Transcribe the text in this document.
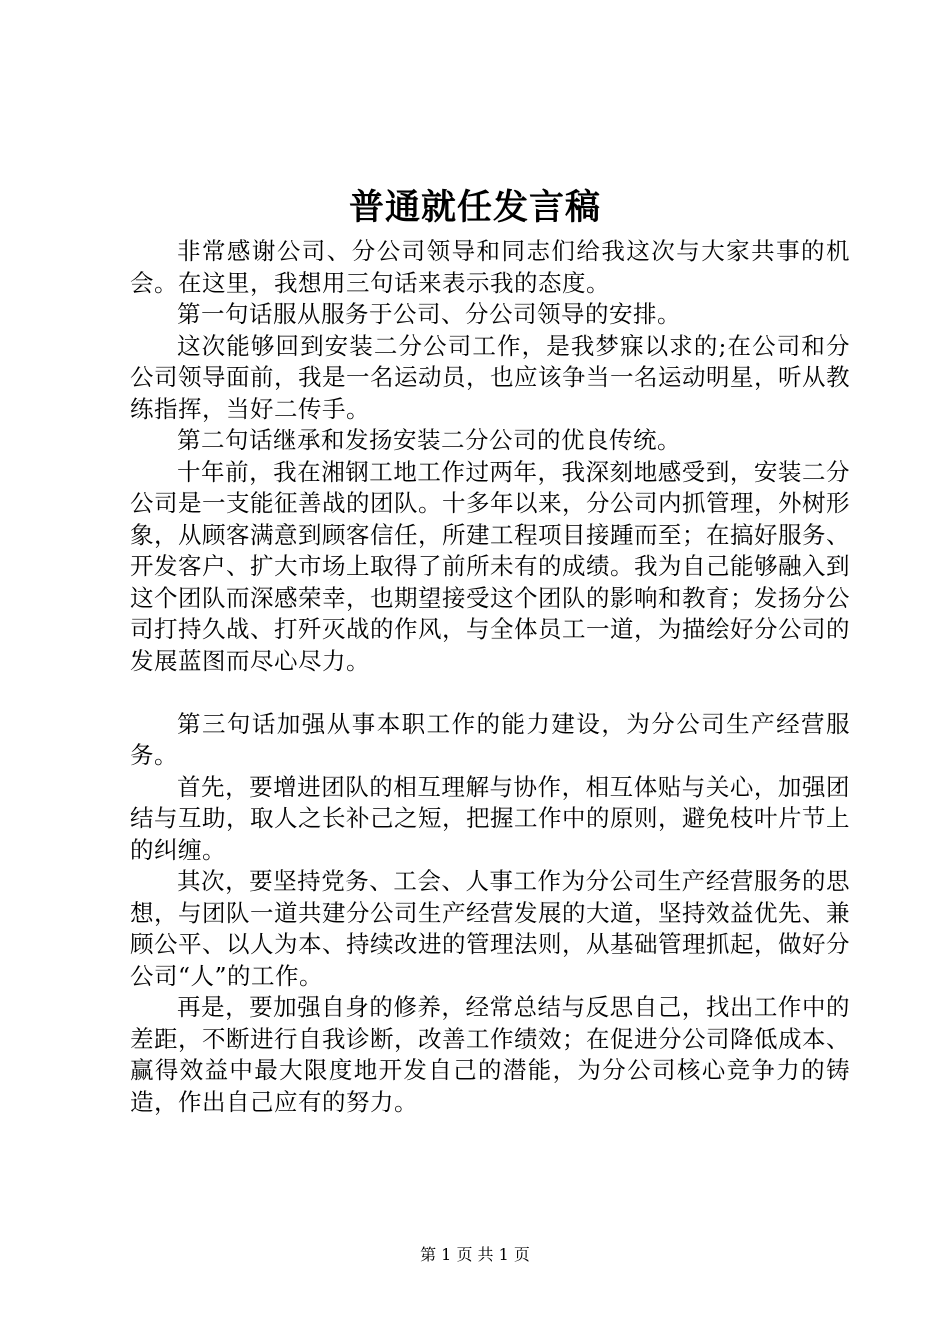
普通就任发言稿

非常感谢公司、分公司领导和同志们给我这次与大家共事的机会。在这里，我想用三句话来表示我的态度。

第一句话服从服务于公司、分公司领导的安排。

这次能够回到安装二分公司工作，是我梦寐以求的;在公司和分公司领导面前，我是一名运动员，也应该争当一名运动明星，听从教练指挥，当好二传手。

第二句话继承和发扬安装二分公司的优良传统。

十年前，我在湘钢工地工作过两年，我深刻地感受到，安装二分公司是一支能征善战的团队。十多年以来，分公司内抓管理，外树形象，从顾客满意到顾客信任，所建工程项目接踵而至；在搞好服务、开发客户、扩大市场上取得了前所未有的成绩。我为自己能够融入到这个团队而深感荣幸，也期望接受这个团队的影响和教育；发扬分公司打持久战、打歼灭战的作风，与全体员工一道，为描绘好分公司的发展蓝图而尽心尽力。

第三句话加强从事本职工作的能力建设，为分公司生产经营服务。

首先，要增进团队的相互理解与协作，相互体贴与关心，加强团结与互助，取人之长补己之短，把握工作中的原则，避免枝叶片节上的纠缠。

其次，要坚持党务、工会、人事工作为分公司生产经营服务的思想，与团队一道共建分公司生产经营发展的大道，坚持效益优先、兼顾公平、以人为本、持续改进的管理法则，从基础管理抓起，做好分公司“人”的工作。

再是，要加强自身的修养，经常总结与反思自己，找出工作中的差距，不断进行自我诊断，改善工作绩效；在促进分公司降低成本、赢得效益中最大限度地开发自己的潜能，为分公司核心竞争力的铸造，作出自己应有的努力。

第 1 页 共 1 页
